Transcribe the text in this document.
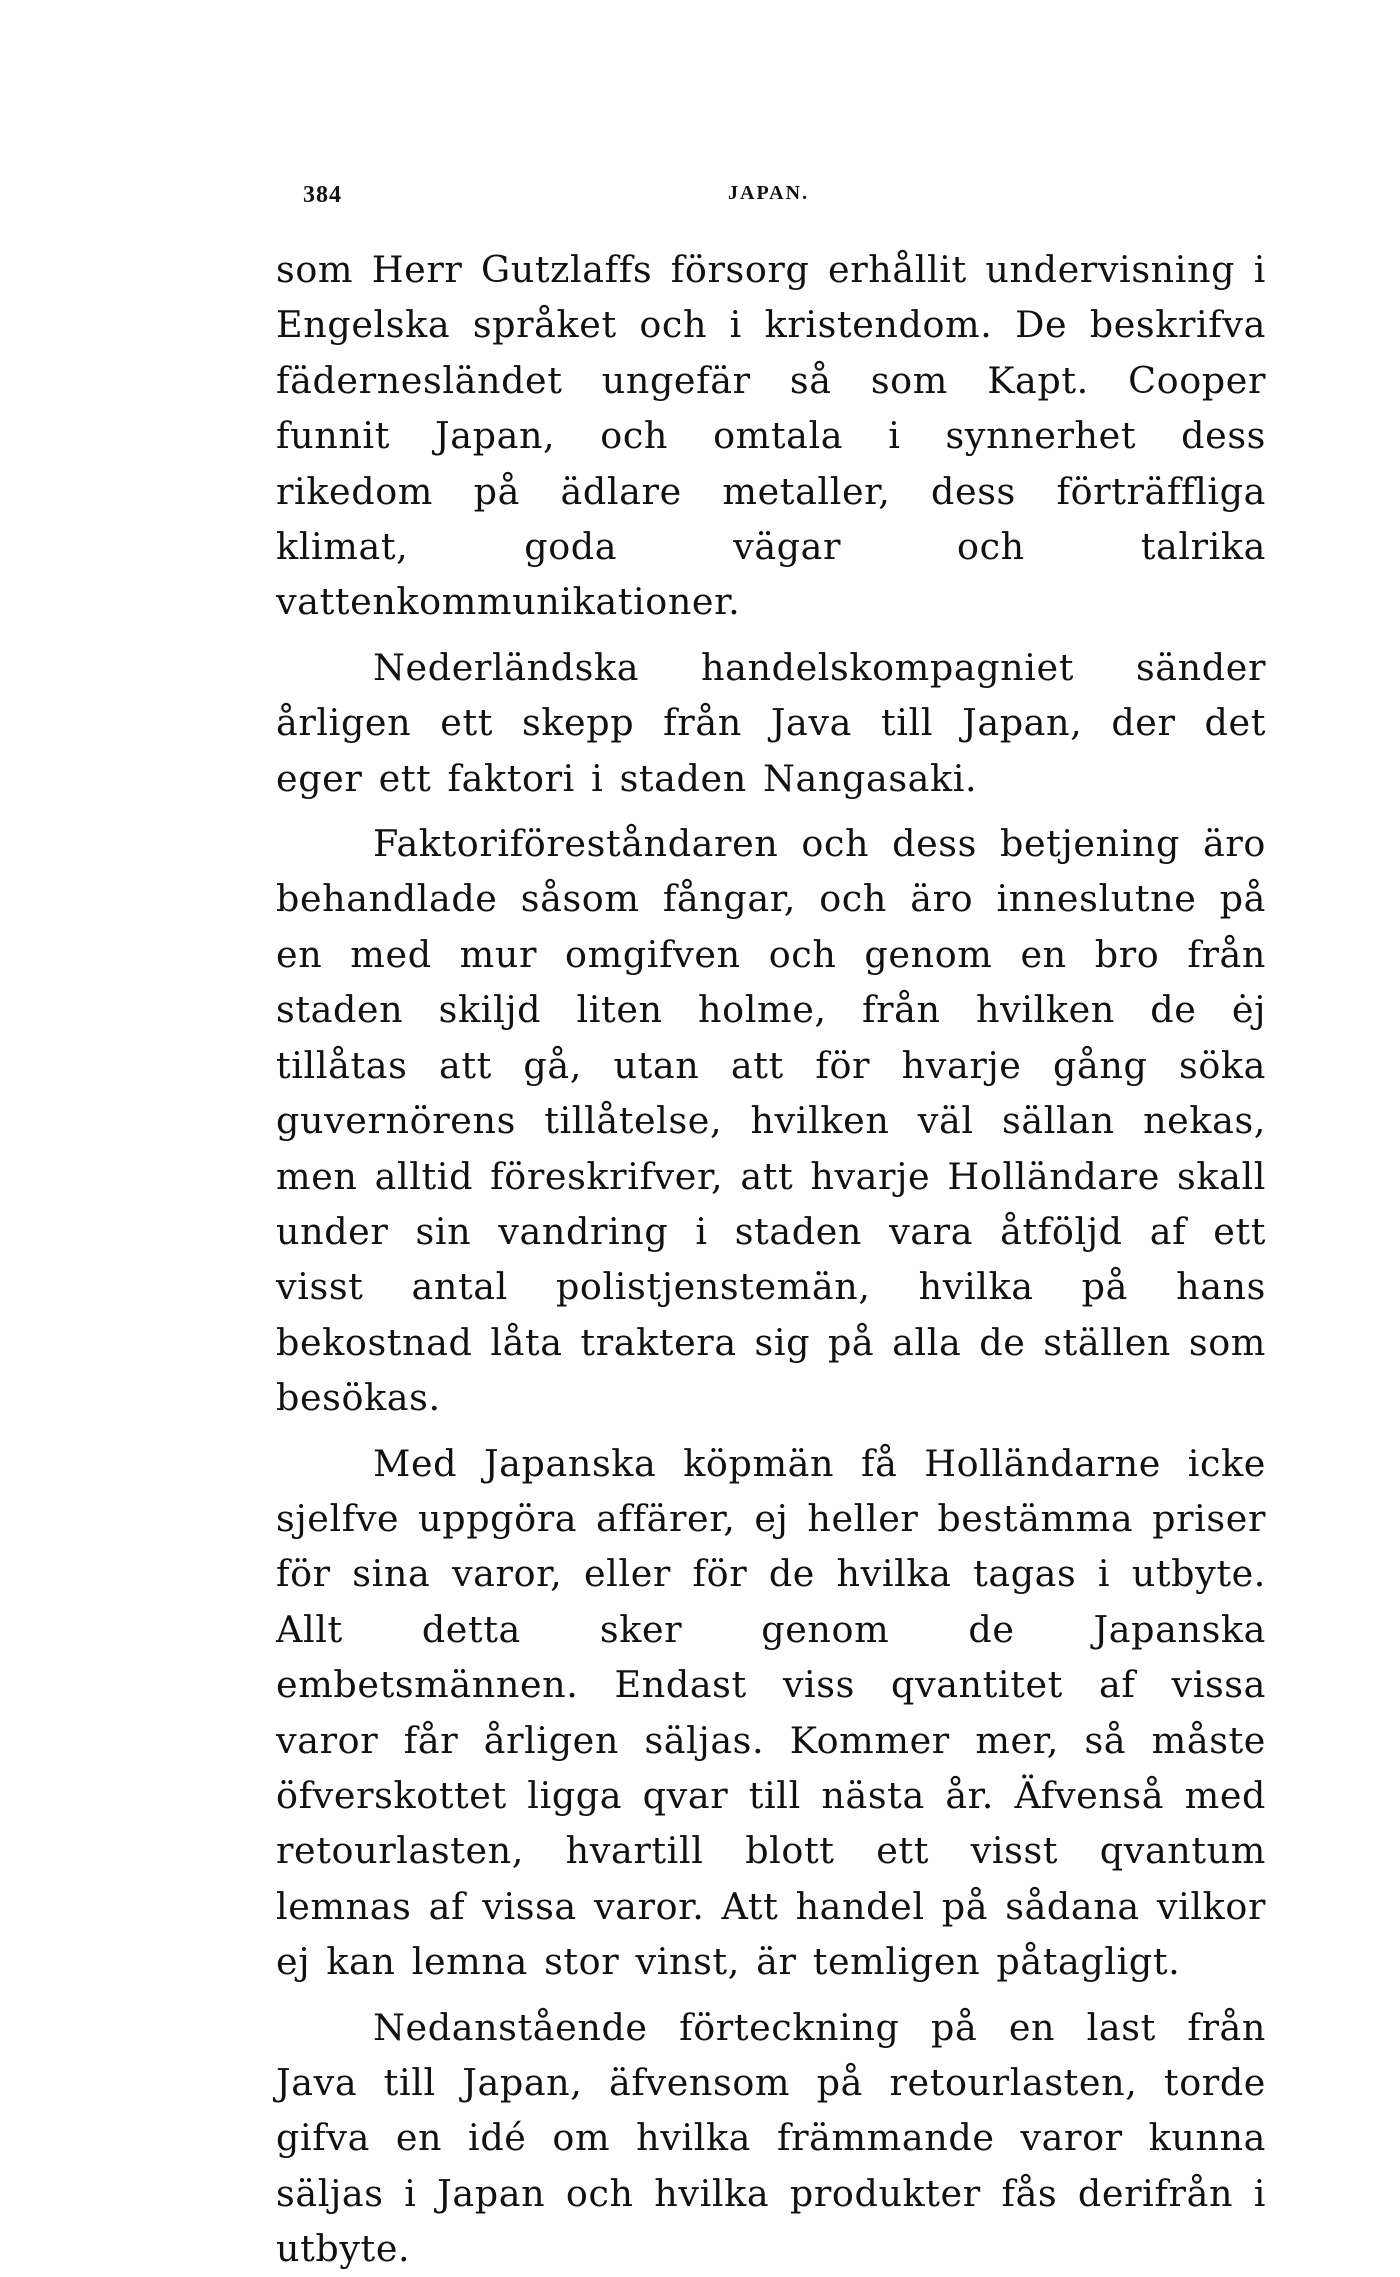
384	JAPAN.

som Herr Gutzlaffs försorg erhållit undervisning i Engelska språket och i kristendom. De beskrifva fädernesländet ungefär så som Kapt. Cooper funnit Japan, och omtala i synnerhet dess rikedom på ädlare metaller, dess förträffliga klimat, goda vägar och talrika vattenkommunikationer.

Nederländska handelskompagniet sänder årligen ett skepp från Java till Japan, der det eger ett faktori i staden Nangasaki.

Faktoriföreståndaren och dess betjening äro behandlade såsom fångar, och äro inneslutne på en med mur omgifven och genom en bro från staden skiljd liten holme, från hvilken de ėj tillåtas att gå, utan att för hvarje gång söka guvernörens tillåtelse, hvilken väl sällan nekas, men alltid föreskrifver, att hvarje Holländare skall under sin vandring i staden vara åtföljd af ett visst antal polistjenstemän, hvilka på hans bekostnad låta traktera sig på alla de ställen som besökas.

Med Japanska köpmän få Holländarne icke sjelfve uppgöra affärer, ej heller bestämma priser för sina varor, eller för de hvilka tagas i utbyte. Allt detta sker genom de Japanska embetsmännen. Endast viss qvantitet af vissa varor får årligen säljas. Kommer mer, så måste öfverskottet ligga qvar till nästa år. Äfvenså med retourlasten, hvartill blott ett visst qvantum lemnas af vissa varor. Att handel på sådana vilkor ej kan lemna stor vinst, är temligen påtagligt.

Nedanstående förteckning på en last från Java till Japan, äfvensom på retourlasten, torde gifva en idé om hvilka främmande varor kunna säljas i Japan och hvilka produkter fås derifrån i utbyte.
